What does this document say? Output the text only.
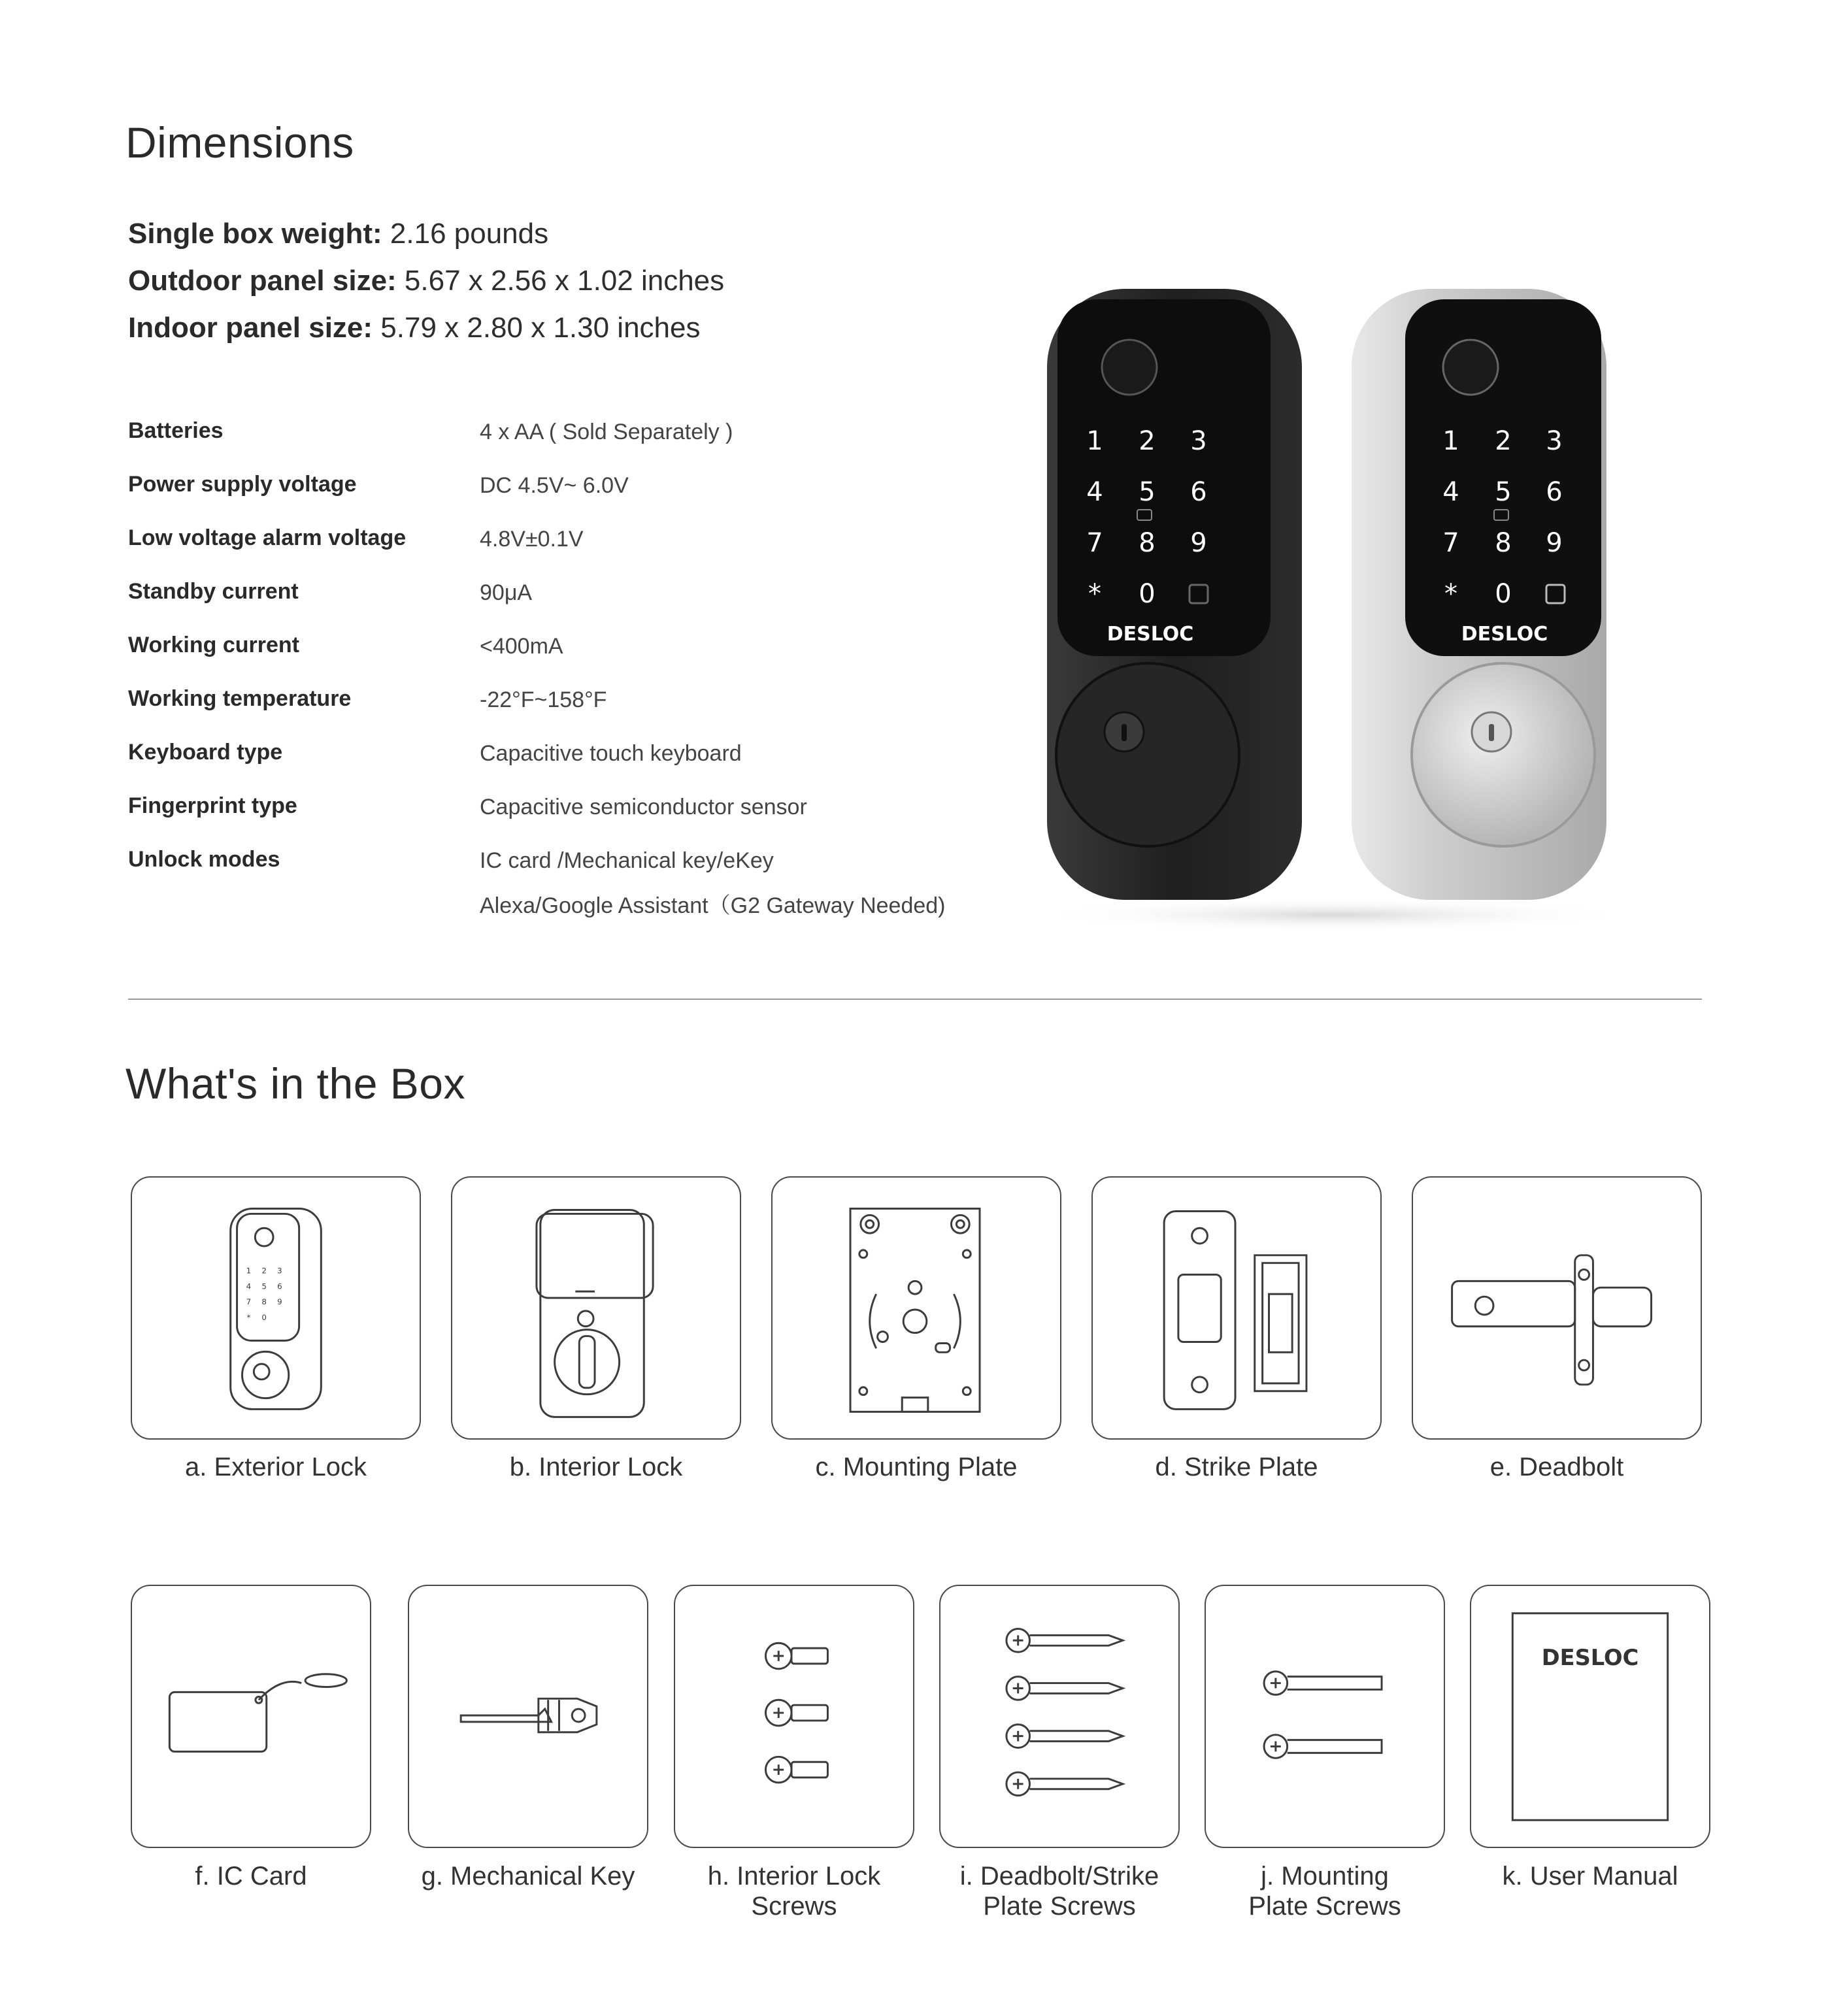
Dimensions
Single box weight: 2.16 pounds
Outdoor panel size: 5.67 x 2.56 x 1.02 inches
Indoor panel size: 5.79 x 2.80 x 1.30 inches
Batteries	4 x AA ( Sold Separately )
Power supply voltage	DC 4.5V~ 6.0V
Low voltage alarm voltage	4.8V±0.1V
Standby current	90μA
Working current	<400mA
Working temperature	-22°F~158°F
Keyboard type	Capacitive touch keyboard
Fingerprint type	Capacitive semiconductor sensor
Unlock modes	IC card /Mechanical key/eKey
Alexa/Google Assistant（G2 Gateway Needed)
1 2 3
4 5 6
7 8 9
* 0
DESLOC
1 2 3
4 5 6
7 8 9
* 0
DESLOC
What's in the Box
1 2 3
4 5 6
7 8 9
* 0
a. Exterior Lock	b. Interior Lock	c. Mounting Plate	d. Strike Plate	e. Deadbolt
f. IC Card	g. Mechanical Key	h. Interior Lock
Screws
i. Deadbolt/Strike
Plate Screws
j. Mounting
Plate Screws
DESLOC
k. User Manual
